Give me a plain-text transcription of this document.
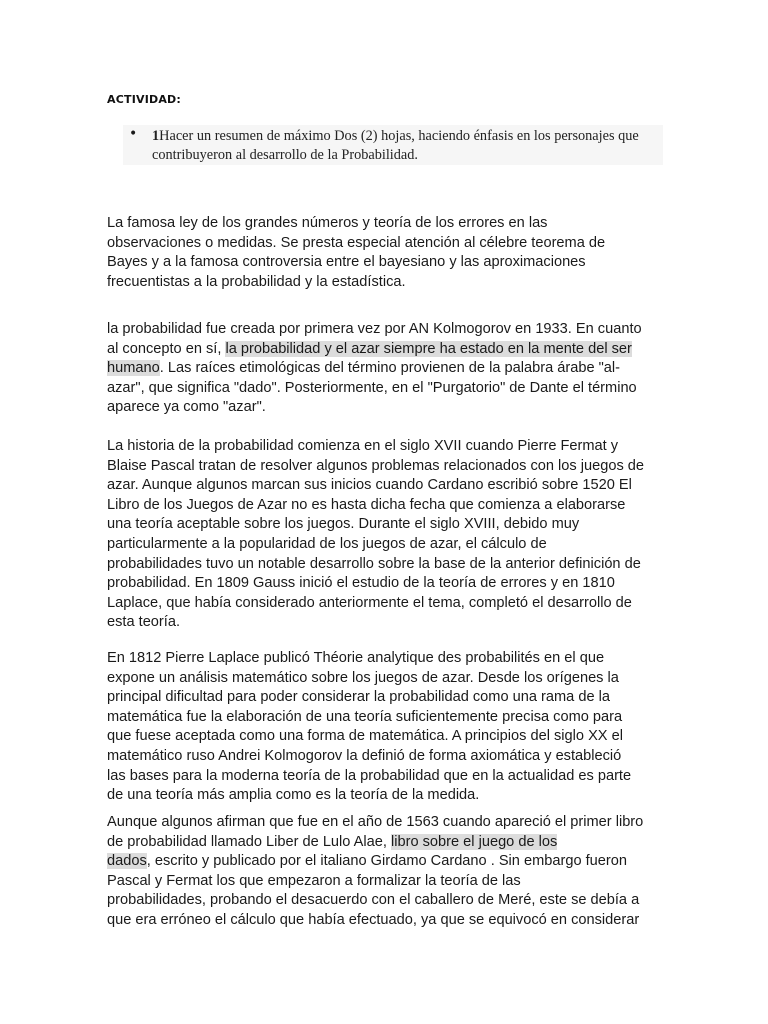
ACTIVIDAD:
• 1Hacer un resumen de máximo Dos (2) hojas, haciendo énfasis en los personajes que
contribuyeron al desarrollo de la Probabilidad.

La famosa ley de los grandes números y teoría de los errores en las
observaciones o medidas. Se presta especial atención al célebre teorema de
Bayes y a la famosa controversia entre el bayesiano y las aproximaciones
frecuentistas a la probabilidad y la estadística.

la probabilidad fue creada por primera vez por AN Kolmogorov en 1933. En cuanto
al concepto en sí, la probabilidad y el azar siempre ha estado en la mente del ser
humano. Las raíces etimológicas del término provienen de la palabra árabe "al-
azar", que significa "dado". Posteriormente, en el "Purgatorio" de Dante el término
aparece ya como "azar".

La historia de la probabilidad comienza en el siglo XVII cuando Pierre Fermat y
Blaise Pascal tratan de resolver algunos problemas relacionados con los juegos de
azar. Aunque algunos marcan sus inicios cuando Cardano escribió sobre 1520 El
Libro de los Juegos de Azar no es hasta dicha fecha que comienza a elaborarse
una teoría aceptable sobre los juegos. Durante el siglo XVIII, debido muy
particularmente a la popularidad de los juegos de azar, el cálculo de
probabilidades tuvo un notable desarrollo sobre la base de la anterior definición de
probabilidad. En 1809 Gauss inició el estudio de la teoría de errores y en 1810
Laplace, que había considerado anteriormente el tema, completó el desarrollo de
esta teoría.

En 1812 Pierre Laplace publicó Théorie analytique des probabilités en el que
expone un análisis matemático sobre los juegos de azar. Desde los orígenes la
principal dificultad para poder considerar la probabilidad como una rama de la
matemática fue la elaboración de una teoría suficientemente precisa como para
que fuese aceptada como una forma de matemática. A principios del siglo XX el
matemático ruso Andrei Kolmogorov la definió de forma axiomática y estableció
las bases para la moderna teoría de la probabilidad que en la actualidad es parte
de una teoría más amplia como es la teoría de la medida.

Aunque algunos afirman que fue en el año de 1563 cuando apareció el primer libro
de probabilidad llamado Liber de Lulo Alae, libro sobre el juego de los
dados, escrito y publicado por el italiano Girdamo Cardano . Sin embargo fueron
Pascal y Fermat los que empezaron a formalizar la teoría de las
probabilidades, probando el desacuerdo con el caballero de Meré, este se debía a
que era erróneo el cálculo que había efectuado, ya que se equivocó en considerar
